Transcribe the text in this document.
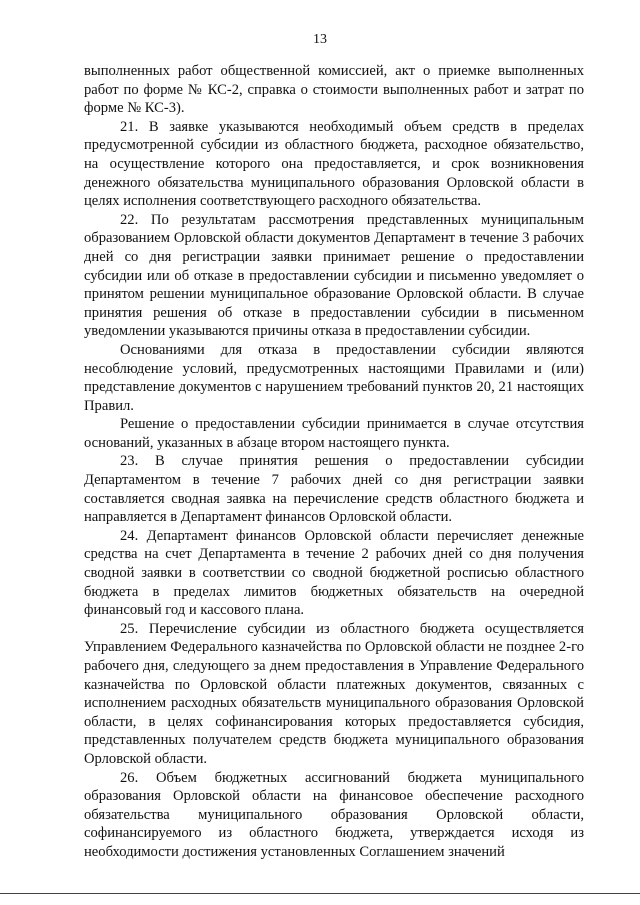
13

выполненных работ общественной комиссией, акт о приемке выполненных работ по форме № КС-2, справка о стоимости выполненных работ и затрат по форме № КС-3).

21. В заявке указываются необходимый объем средств в пределах предусмотренной субсидии из областного бюджета, расходное обязательство, на осуществление которого она предоставляется, и срок возникновения денежного обязательства муниципального образования Орловской области в целях исполнения соответствующего расходного обязательства.

22. По результатам рассмотрения представленных муниципальным образованием Орловской области документов Департамент в течение 3 рабочих дней со дня регистрации заявки принимает решение о предоставлении субсидии или об отказе в предоставлении субсидии и письменно уведомляет о принятом решении муниципальное образование Орловской области. В случае принятия решения об отказе в предоставлении субсидии в письменном уведомлении указываются причины отказа в предоставлении субсидии.

Основаниями для отказа в предоставлении субсидии являются несоблюдение условий, предусмотренных настоящими Правилами и (или) представление документов с нарушением требований пунктов 20, 21 настоящих Правил.

Решение о предоставлении субсидии принимается в случае отсутствия оснований, указанных в абзаце втором настоящего пункта.

23. В случае принятия решения о предоставлении субсидии Департаментом в течение 7 рабочих дней со дня регистрации заявки составляется сводная заявка на перечисление средств областного бюджета и направляется в Департамент финансов Орловской области.

24. Департамент финансов Орловской области перечисляет денежные средства на счет Департамента в течение 2 рабочих дней со дня получения сводной заявки в соответствии со сводной бюджетной росписью областного бюджета в пределах лимитов бюджетных обязательств на очередной финансовый год и кассового плана.

25. Перечисление субсидии из областного бюджета осуществляется Управлением Федерального казначейства по Орловской области не позднее 2-го рабочего дня, следующего за днем предоставления в Управление Федерального казначейства по Орловской области платежных документов, связанных с исполнением расходных обязательств муниципального образования Орловской области, в целях софинансирования которых предоставляется субсидия, представленных получателем средств бюджета муниципального образования Орловской области.

26. Объем бюджетных ассигнований бюджета муниципального образования Орловской области на финансовое обеспечение расходного обязательства муниципального образования Орловской области, софинансируемого из областного бюджета, утверждается исходя из необходимости достижения установленных Соглашением значений
